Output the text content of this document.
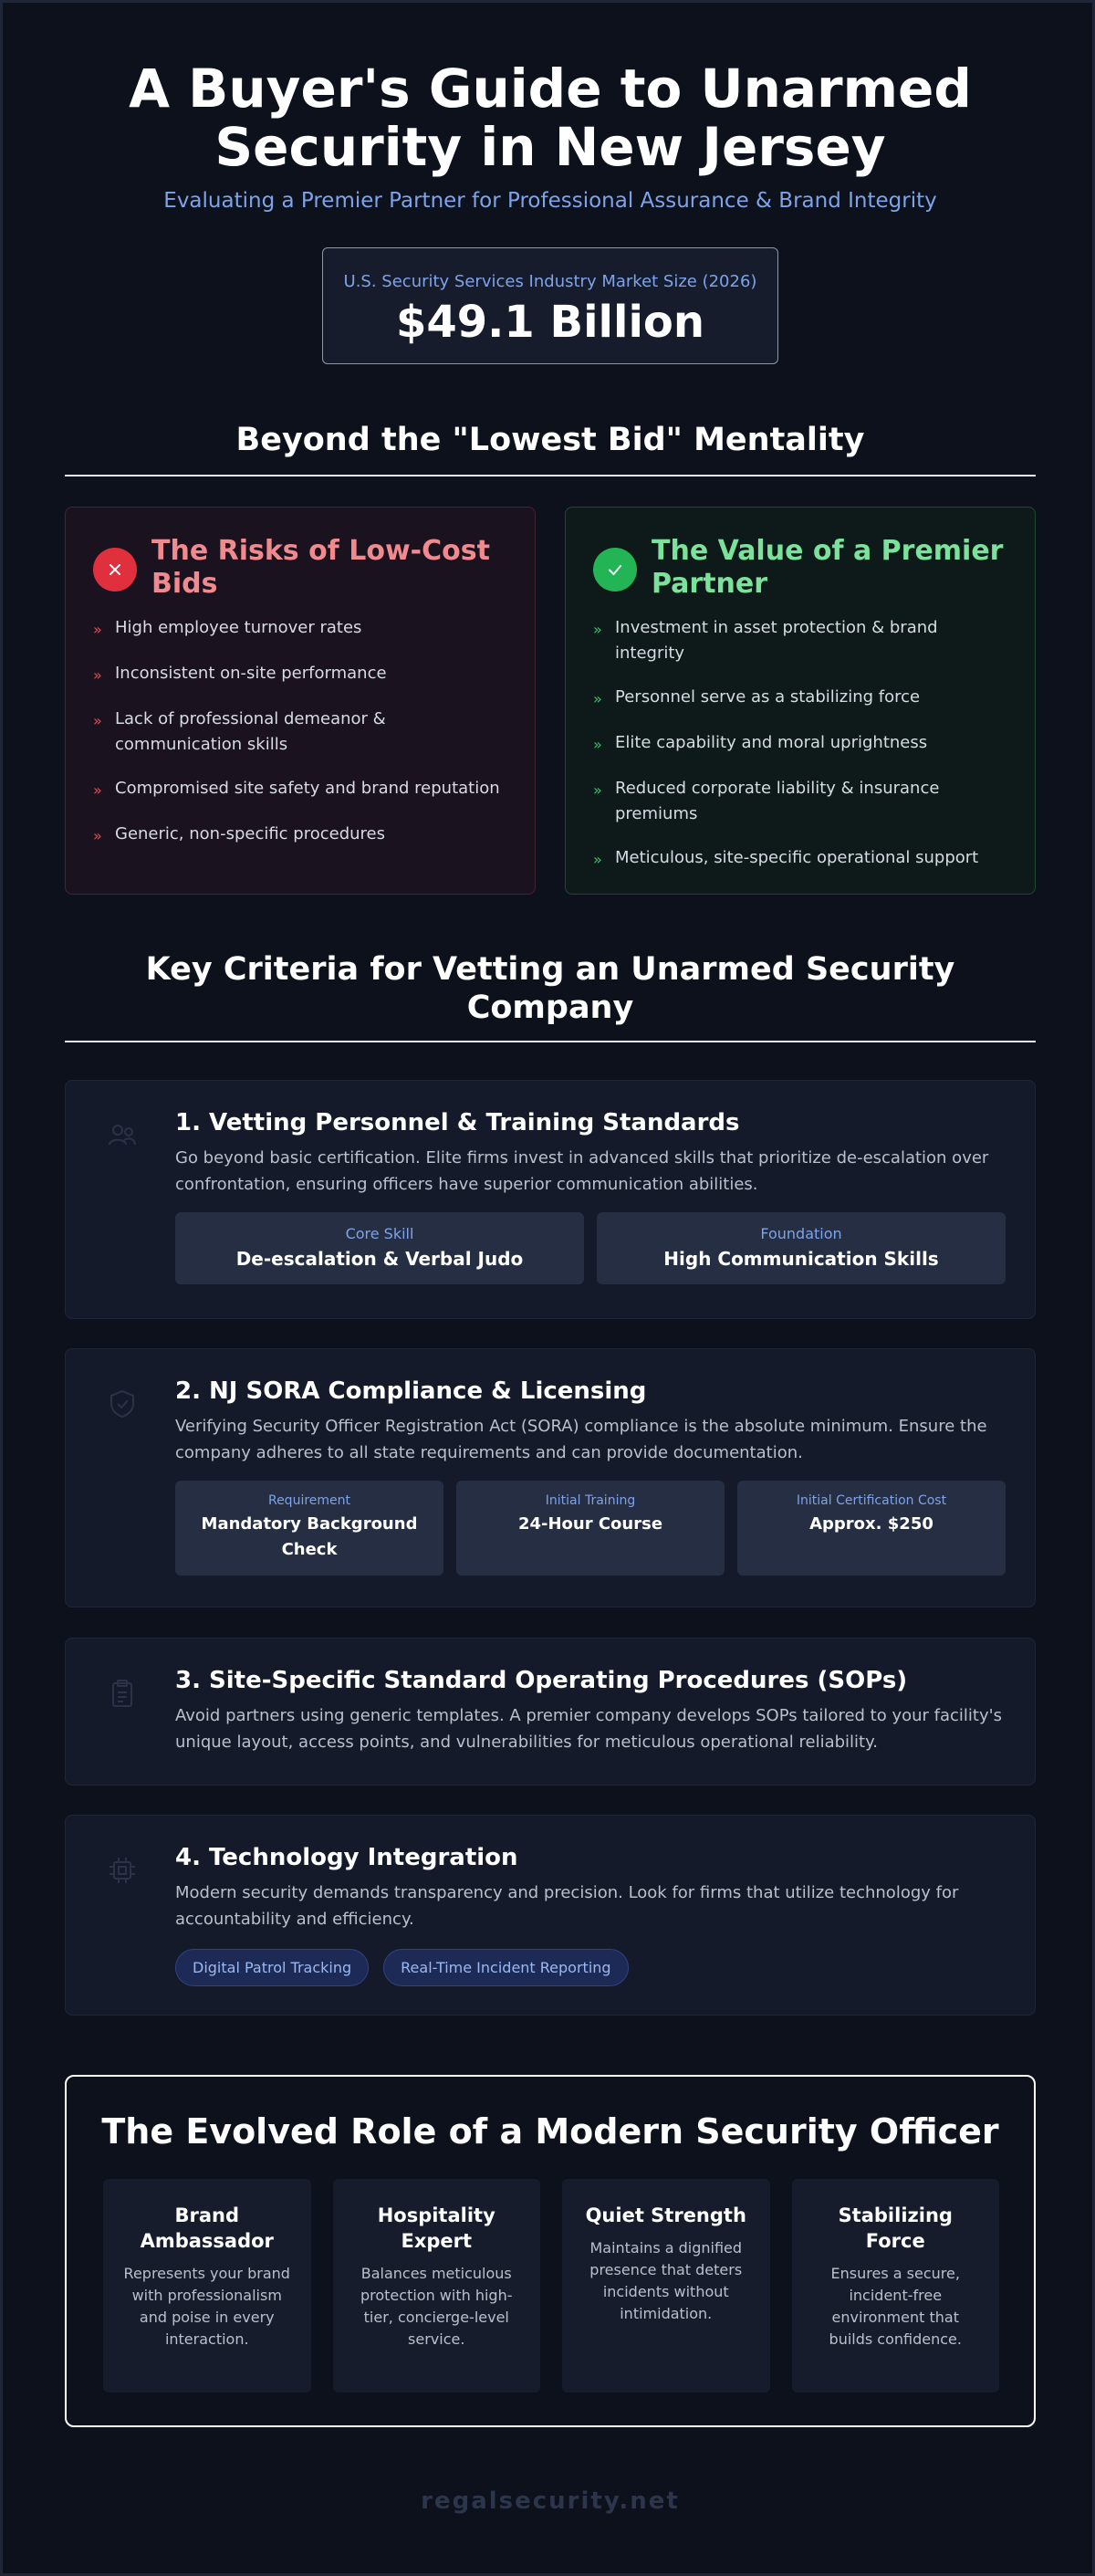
A Buyer's Guide to Unarmed Security in New Jersey
Evaluating a Premier Partner for Professional Assurance & Brand Integrity
U.S. Security Services Industry Market Size (2026)
$49.1 Billion
Beyond the "Lowest Bid" Mentality
The Risks of Low-Cost Bids
» High employee turnover rates
» Inconsistent on-site performance
» Lack of professional demeanor & communication skills
» Compromised site safety and brand reputation
» Generic, non-specific procedures
The Value of a Premier Partner
» Investment in asset protection & brand integrity
» Personnel serve as a stabilizing force
» Elite capability and moral uprightness
» Reduced corporate liability & insurance premiums
» Meticulous, site-specific operational support
Key Criteria for Vetting an Unarmed Security Company
1. Vetting Personnel & Training Standards
Go beyond basic certification. Elite firms invest in advanced skills that prioritize de-escalation over confrontation, ensuring officers have superior communication abilities.
Core Skill
De-escalation & Verbal Judo
Foundation
High Communication Skills
2. NJ SORA Compliance & Licensing
Verifying Security Officer Registration Act (SORA) compliance is the absolute minimum. Ensure the company adheres to all state requirements and can provide documentation.
Requirement
Mandatory Background Check
Initial Training
24-Hour Course
Initial Certification Cost
Approx. $250
3. Site-Specific Standard Operating Procedures (SOPs)
Avoid partners using generic templates. A premier company develops SOPs tailored to your facility's unique layout, access points, and vulnerabilities for meticulous operational reliability.
4. Technology Integration
Modern security demands transparency and precision. Look for firms that utilize technology for accountability and efficiency.
Digital Patrol Tracking	Real-Time Incident Reporting
The Evolved Role of a Modern Security Officer
Brand Ambassador
Represents your brand with professionalism and poise in every interaction.
Hospitality Expert
Balances meticulous protection with high-tier, concierge-level service.
Quiet Strength
Maintains a dignified presence that deters incidents without intimidation.
Stabilizing Force
Ensures a secure, incident-free environment that builds confidence.
regalsecurity.net
